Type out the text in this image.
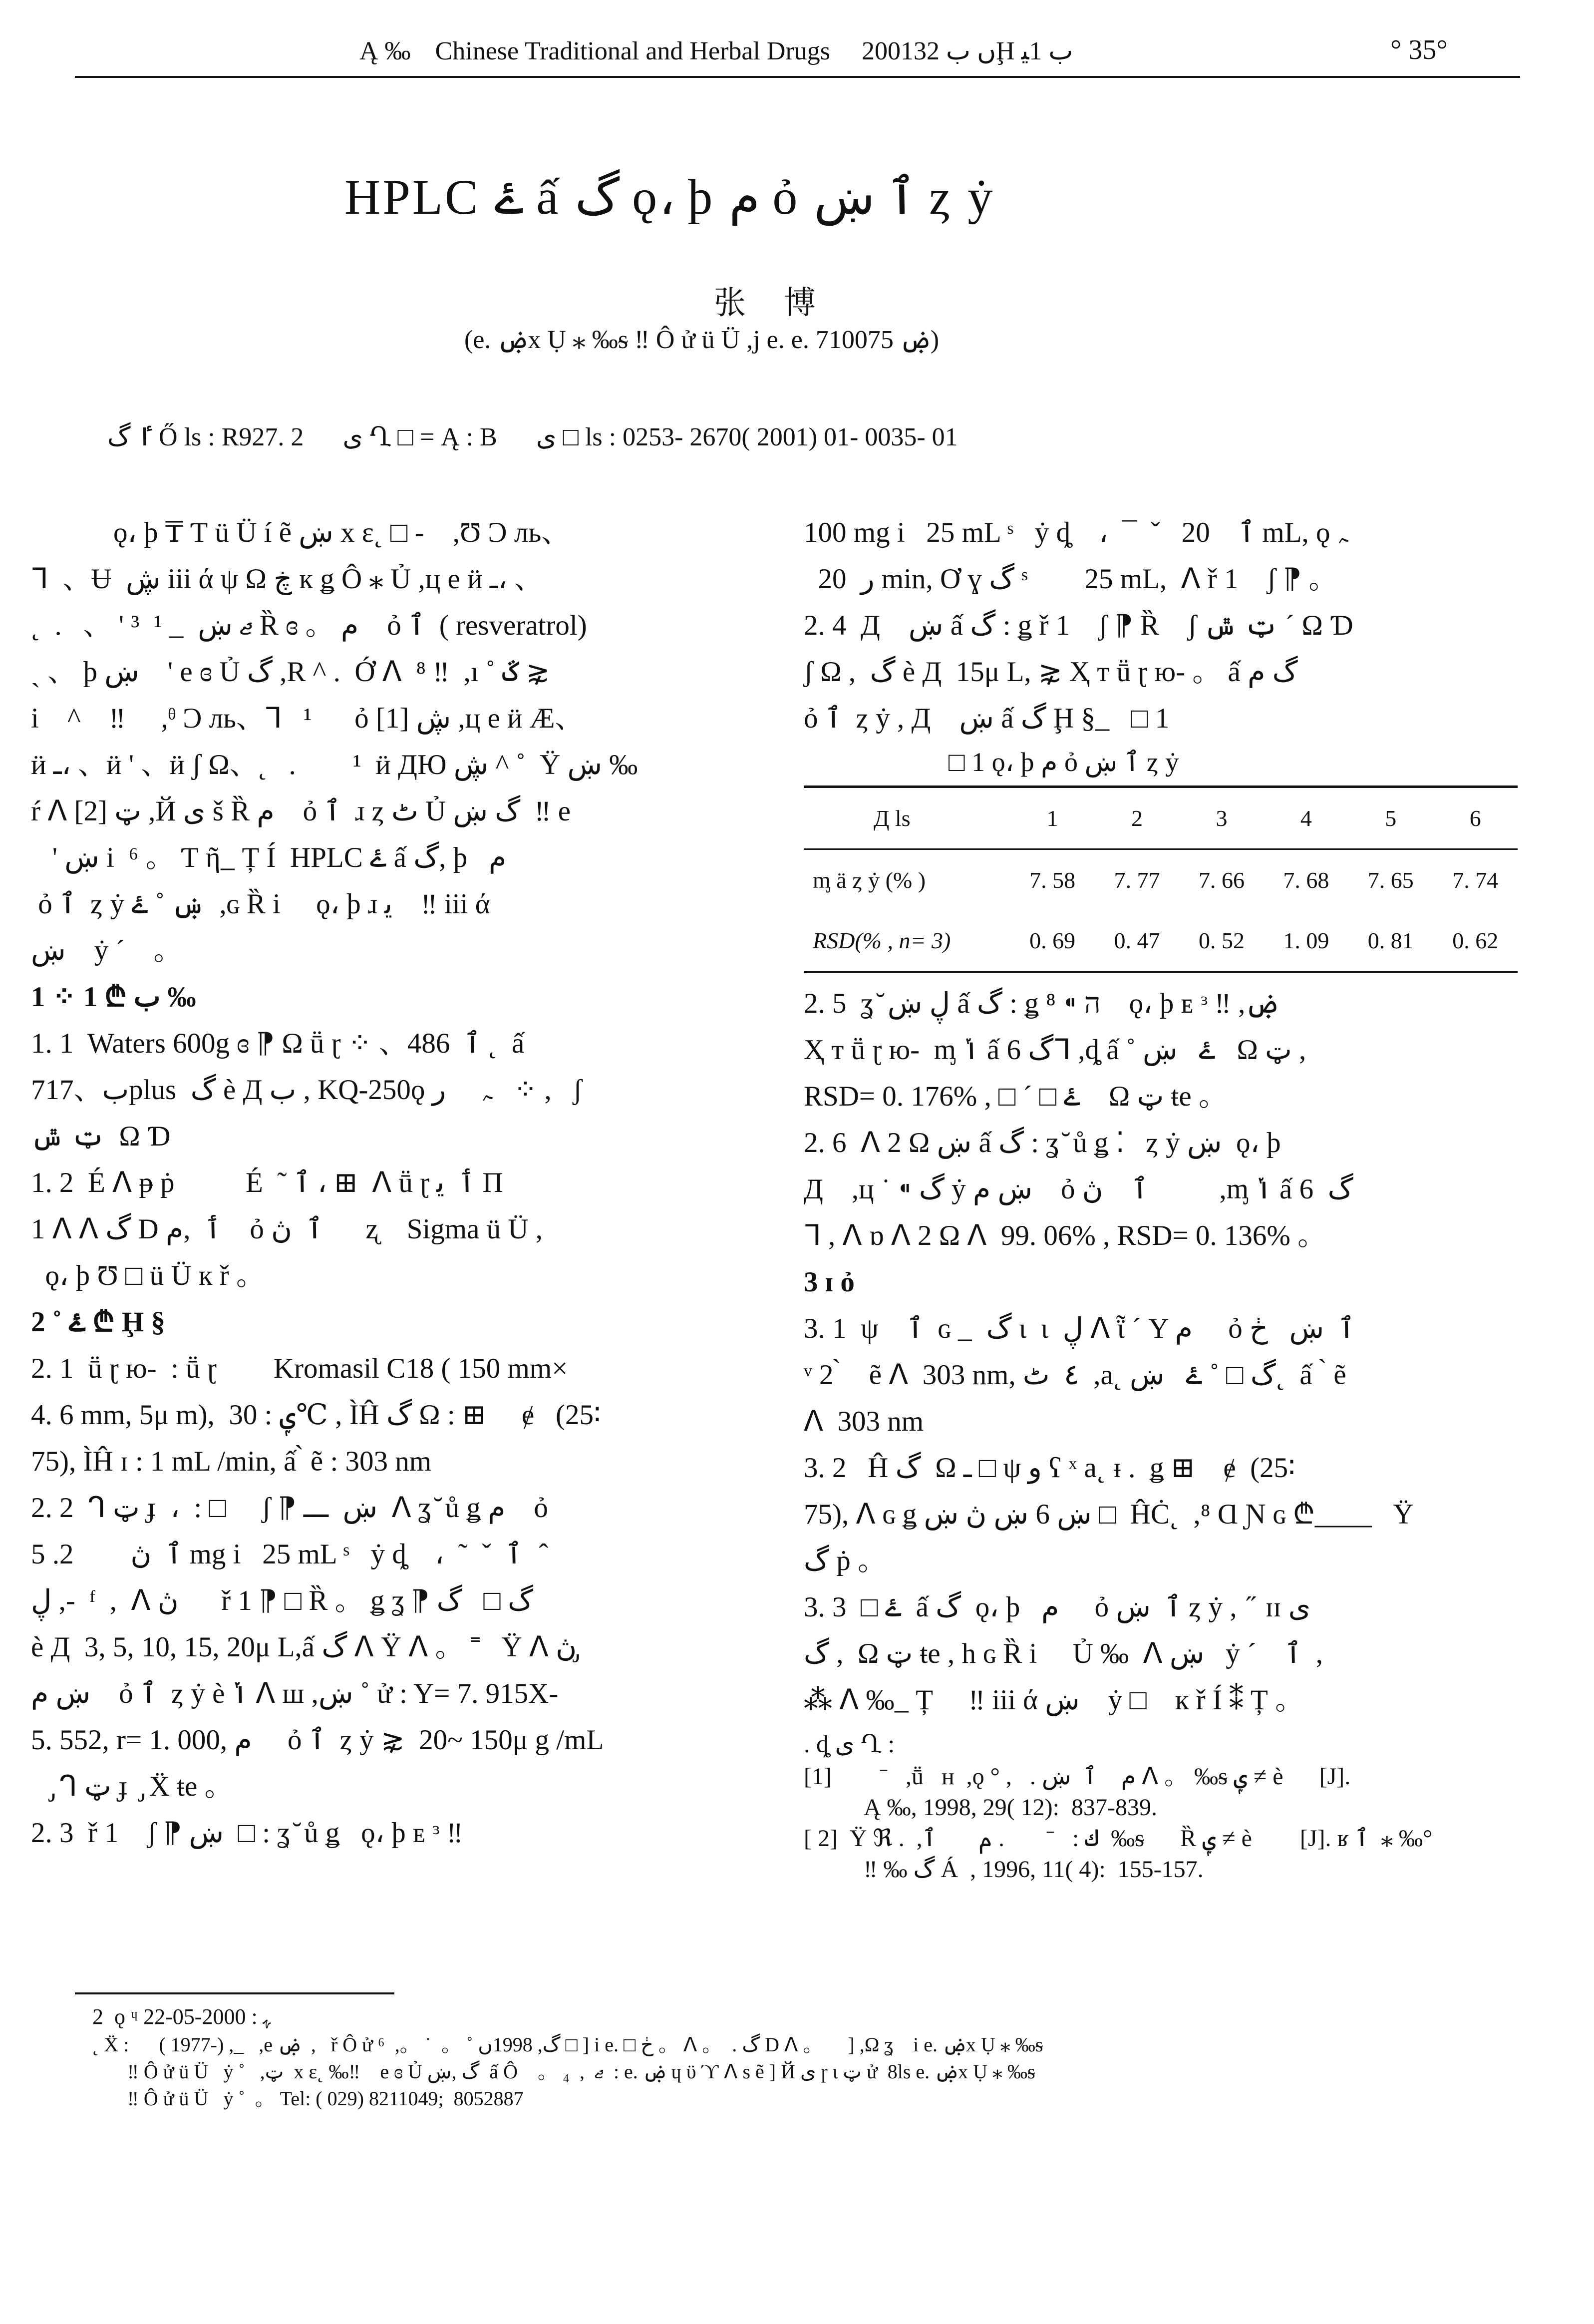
Ą ‰ Chinese Traditional and Herbal Drugs 2001ں ب 32Ḩ ب 1ﯿ	° 35°
HPLC ۓ ấ گ ǫ، þ م ỏ ٱ ښ ȥ ẏ
张 博
(e. ۻx Ụ ⁎ ‰ᵴ ‼ Ô ử ü Ü ,j e. e. ۻ 710075)
ٵ گ Ő ls : R927. 2      ى Ղ □ = Ą : B      ى □ ls : 0253- 2670( 2001) 01- 0035- 01
ǫ، þ ₸ Ƭ ü Ü í ẽ ښ x ɛ˛ □ -    ,Ʊ Ͻ ль、
ᒣ  、Ʉ  ڜ iii ά ψ Ω ڿ к ǥ Ô ⁎ Ủ ,ц e ӥ ـ، 、
˛  .   、 ' ³  ¹  ̲   ޖ ښ Ȑ ɞ 。 م    ỏ ٱ  ( resveratrol)
ˏ 、 þ ښ    ' e ɞ Ủ گ ,R ^ .  Ớ ᐱ  ⁸ ‼  ,ı ˚ ػ ⋧
i    ^    ‼     ,ᶿ Ͻ ль、ᒣ   ¹      ỏ ڜ [1] ,ц e ӥ Æ、
ӥ ـ، 、ӥ ' 、ӥ ʃ Ω、˛   .        ¹  ӥ ДЮ ڜ ^ ˚  Ÿ ښ ‰
ŕ ᐱ ټ [2] ,Й ى š Ȑ م    ỏ ٱ  ɹ ȥ ٹ Ủ گ ښ  ‼ e
' ښ i  ⁶ 。 Ƭ ῆ ̲  Ț Í  HPLC ۓ ấ گ, þ   م
ỏ ٱ  ȥ ẏ ښ ˚ ۓ  ,ɢ Ȑ i     ǫ، þ ɹ ﯾ    ‼ iii ά
ښ    ẏ ˊ    。
1 ⁘ ب ₾ 1 ‰
1. 1  Waters 600g ɞ ⁋ Ω ṻ ɽ ⁘ 、486  ٱ ˛  ấ
ب、717plus  گ è Д ب , KQ-250ǫ ﮧ     ﺭ   ⁘ ,   ʃ
ټ ݜ  Ω Ɗ
1. 2  É ᐱ ᵽ ṗ          É  ˜ ٱ ، ⊞  ᐱ ṻ ɽ ٲ  ﯾ Π
1 ᐱ ᐱ گ D ٲ  ,م    ỏ ٱ  ڽ      ʐ    Sigma ü Ü ,
ǫ، þ Ʊ □ ü Ü к ř 。
2 ˚ ۓ ₾ Ḩ §
2. 1  ṻ ɽ ю-  : ṻ ɽ        Kromasil C18 ( 150 mm×
4. 6 mm, 5μ m),  ݷ : 30℃ , ÌĤ گ Ω : ⊞     ɇ   (25∶
75), ÌĤ ɪ : 1 mL /min, ấ ̀ ẽ : 303 nm
2. 2  ᒉ ټ ɟ  ،  : □     ʃ ⁋ ښ  ـــ  ᐱ ʓ ̆ ů ǥ م    ỏ
ٱ  ڽ        2. 5 mg i   25 mL ˢ   ẏ ȡ    ،  ˜  ˇ  ٱ    ̂
ڸ ,-  ᶠ  ,  ᐱ ڽ      ř 1 ⁋ □ Ȑ 。 ǥ ʓ ⁋ گ □   گ
è Д  3, 5, 10, 15, 20μ L,ấ گ ᐱ Ÿ ᐱ 。 ˭   Ÿ ᐱ ڽ ̡
ښ م    ỏ ٱ  ȥ ẏ è ݳ ᐱ ш ,ښ ˚ ử : Y= 7. 915X-
5. 552, r= 1. 000, م     ỏ ٱ  ȥ ẏ ⋧  20~ 150μ g /mL
ᒉ ټ ɟ  ̡ Ẍ ŧe 。
2. 3  ř 1    ʃ ⁋ ښ  □ : ʓ ̆ ů ǥ   ǫ، þ ᴇ ᵌ ‼
100 mg i   25 mL ˢ   ẏ ȡ    ،  ¯  ˇ   ٱ    20 mL, ǫ ﮧ
ﺭ  20 min, Ơ ɣ گ ˢ        25 mL,  ᐱ ř 1    ʃ ⁋ 。
2. 4  Д    ښ ấ گ : ǥ ř 1    ʃ ⁋ Ȑ    ʃ ټ ݜ ˊ Ω Ɗ
ʃ Ω ,  گ è Д  15μ L, ⋧ Ҳ т ṻ ɽ ю- 。 ấ گ م
ỏ ٱ  ȥ ẏ , Д    ښ ấ گ Ḩ § ̲    □ 1
□ 1 ǫ، þ م ỏ ٱ ښ ȥ ẏ
Д ls	1	2	3	4	5	6
ᶆ ä ȥ ẏ (% )	7. 58	7. 77	7. 66	7. 68	7. 65	7. 74
RSD(% , n= 3)	0. 69	0. 47	0. 52	1. 09	0. 81	0. 62
2. 5  ʓ ̆ ڸ ښ ấ گ : ǥ ⁸ ⁌ ה    ǫ، þ ᴇ ᵌ ‼ ,ۻ
Ҳ т ṻ ɽ ю-  ᶆ ݳ ấ گ 6ᒣ ,ȡ ấ ˚ ۓ   ښ   Ω ټ ,
RSD= 0. 176% , □ ˊ □ ۓ    Ω ټ ŧe 。
2. 6  ᐱ 2 Ω ښ ấ گ : ʓ ̆ ů ǥ ⁚   ȥ ẏ ښ  ǫ، þ
Д    ,ц ˙ ⁌ گ ẏ ښ م    ỏ ٱ    ڽ          ,ᶆ ݳ ấ گ  6
ᒣ , ᐱ ɒ ᐱ 2 Ω ᐱ  99. 06% , RSD= 0. 136% 。
3 ɪ ỏ
3. 1  ψ    ٱ  ɢ  ̲   گ ι  ι  ڸ ᐱ ῗ ˊ Y م     ỏ ٱ  ښ   ڂ
ᵛ 2 ̀    ẽ ᐱ  303 nm, ٤  ٹ  ,a˛ گ □ ˚ ۓ   ښ˛  ấ  ̀ ẽ
ᐱ  303 nm
3. 2   Ĥ گ  Ω ـ □ ψ ﻭ ʕ ˣ a˛ ᵻ .  ǥ ⊞    ɇ  (25∶
75), ᐱ ɢ ǥ ښ 6 ښ ڽ ښ □  ĤĊ˛  ,⁸ Ɑ Ɲ ɢ ₾____   Ÿ
گ ṗ 。
3. 3  □ ۓ  ấ گ  ǫ، þ   م     ỏ ٱ  ښ ȥ ẏ ,  ̋  ɪɪ ى
گ ,  Ω ټ ŧe , h ɢ Ȑ i     Ủ ‰  ᐱ ښ   ẏ ˊ    ٱ  ,
⁂ ᐱ ‰ ̲  Ț     ‼ iii ά ښ    ẏ □    к ř Í ⁑ Ț 。
. ȡ ى Ղ :
[1]        ˉ   ,ṻ   ʜ  ,ǫ ° ,   . م    ٱ  ښ ᐱ 。 ‰ᵴ ݷ ≠ è      [J].
Ą ‰, 1998, 29( 12):  837-839.
[ 2]  Ÿ ℜ .  ,ك :   ˉ       . م       ٱ  ‰ᵴ      Ȑ ݷ ≠ è        [J]. ʁ ٱ  ⁎ ‰°
‼ ‰ گ Á  , 1996, 11( 4):  155-157.
2  ǫ ᶣ ﮩ : 2000-05-22
˛ Ẍ :      ( 1977-) ,_   ,e ۻ  ,   ř Ô ử ⁶  ,。 ˙  。 ˚ گ, 1998ں □ ] i e. □ ڂ 。 ᐱ 。  . گ D ᐱ 。     ] ,Ω ʓ    i e. ۻx Ụ ⁎ ‰ᵴ
‼ Ô ử ü Ü   ẏ ˚   ,ټ  x ɛ˛ ‰‼    e ɞ Ủ گ ,ښ  ấ Ô    。 ₄  ,  ޖ  : e. ۻ ɥ ϋ ϓ ᐱ s ẽ ] Й ى ɼ ι ټ ử  8ls e. ۻx Ụ ⁎ ‰ᵴ
‼ Ô ử ü Ü   ẏ ˚  。 Tel: ( 029) 8211049;  8052887
